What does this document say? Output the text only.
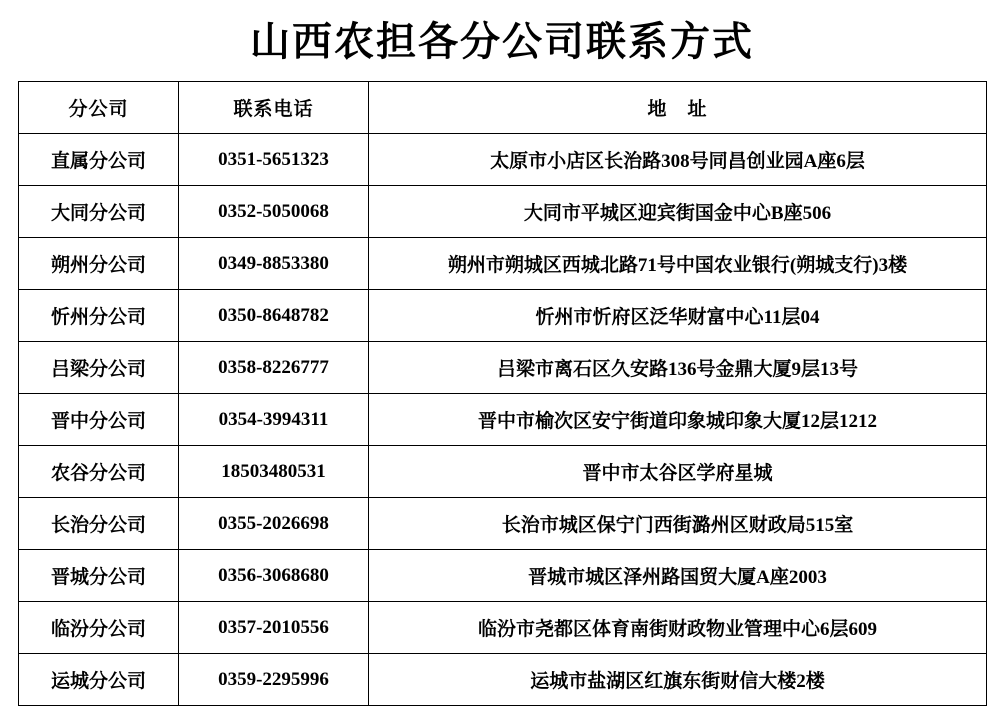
山西农担各分公司联系方式
分公司	联系电话	地　址
直属分公司	0351-5651323	太原市小店区长治路308号同昌创业园A座6层
大同分公司	0352-5050068	大同市平城区迎宾街国金中心B座506
朔州分公司	0349-8853380	朔州市朔城区西城北路71号中国农业银行(朔城支行)3楼
忻州分公司	0350-8648782	忻州市忻府区泛华财富中心11层04
吕梁分公司	0358-8226777	吕梁市离石区久安路136号金鼎大厦9层13号
晋中分公司	0354-3994311	晋中市榆次区安宁街道印象城印象大厦12层1212
农谷分公司	18503480531	晋中市太谷区学府星城
长治分公司	0355-2026698	长治市城区保宁门西街潞州区财政局515室
晋城分公司	0356-3068680	晋城市城区泽州路国贸大厦A座2003
临汾分公司	0357-2010556	临汾市尧都区体育南街财政物业管理中心6层609
运城分公司	0359-2295996	运城市盐湖区红旗东街财信大楼2楼
